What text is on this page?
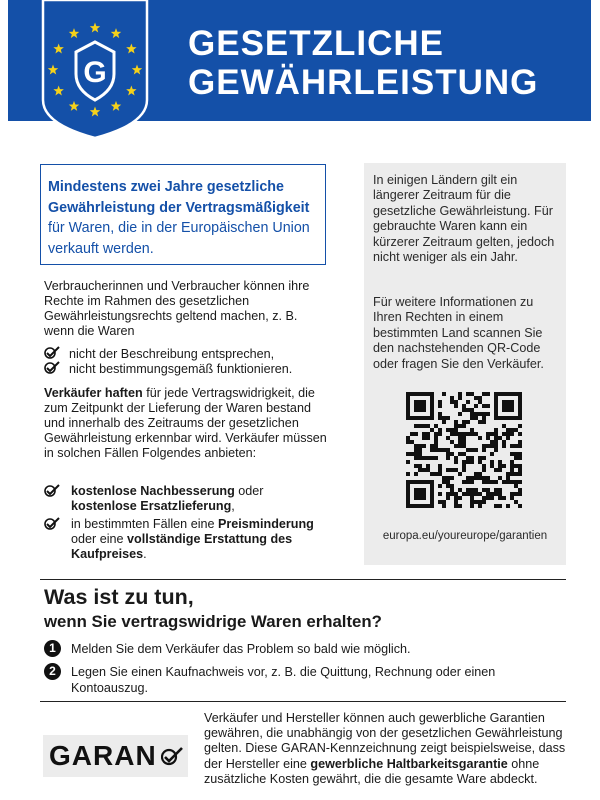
G
GESETZLICHE
GEWÄHRLEISTUNG
Mindestens zwei Jahre gesetzliche Gewährleistung der Vertragsmäßigkeit für Waren, die in der Europäischen Union verkauft werden.
Verbraucherinnen und Verbraucher können ihre Rechte im Rahmen des gesetzlichen Gewährleistungsrechts geltend machen, z. B. wenn die Waren
nicht der Beschreibung entsprechen,
nicht bestimmungsgemäß funktionieren.
Verkäufer haften für jede Vertragswidrigkeit, die zum Zeitpunkt der Lieferung der Waren bestand und innerhalb des Zeitraums der gesetzlichen Gewährleistung erkennbar wird. Verkäufer müssen in solchen Fällen Folgendes anbieten:
kostenlose Nachbesserung oder
kostenlose Ersatzlieferung,
in bestimmten Fällen eine Preisminderung oder eine vollständige Erstattung des Kaufpreises.
In einigen Ländern gilt ein längerer Zeitraum für die gesetzliche Gewährleistung. Für gebrauchte Waren kann ein kürzerer Zeitraum gelten, jedoch nicht weniger als ein Jahr.
Für weitere Informationen zu Ihren Rechten in einem bestimmten Land scannen Sie den nachstehenden QR-Code oder fragen Sie den Verkäufer.
europa.eu/youreurope/garantien
Was ist zu tun,
wenn Sie vertragswidrige Waren erhalten?
1	Melden Sie dem Verkäufer das Problem so bald wie möglich.
2	Legen Sie einen Kaufnachweis vor, z. B. die Quittung, Rechnung oder einen Kontoauszug.
GARAN
Verkäufer und Hersteller können auch gewerbliche Garantien gewähren, die unabhängig von der gesetzlichen Gewährleistung gelten. Diese GARAN-Kennzeichnung zeigt beispielsweise, dass der Hersteller eine gewerbliche Haltbarkeitsgarantie ohne zusätzliche Kosten gewährt, die die gesamte Ware abdeckt.
